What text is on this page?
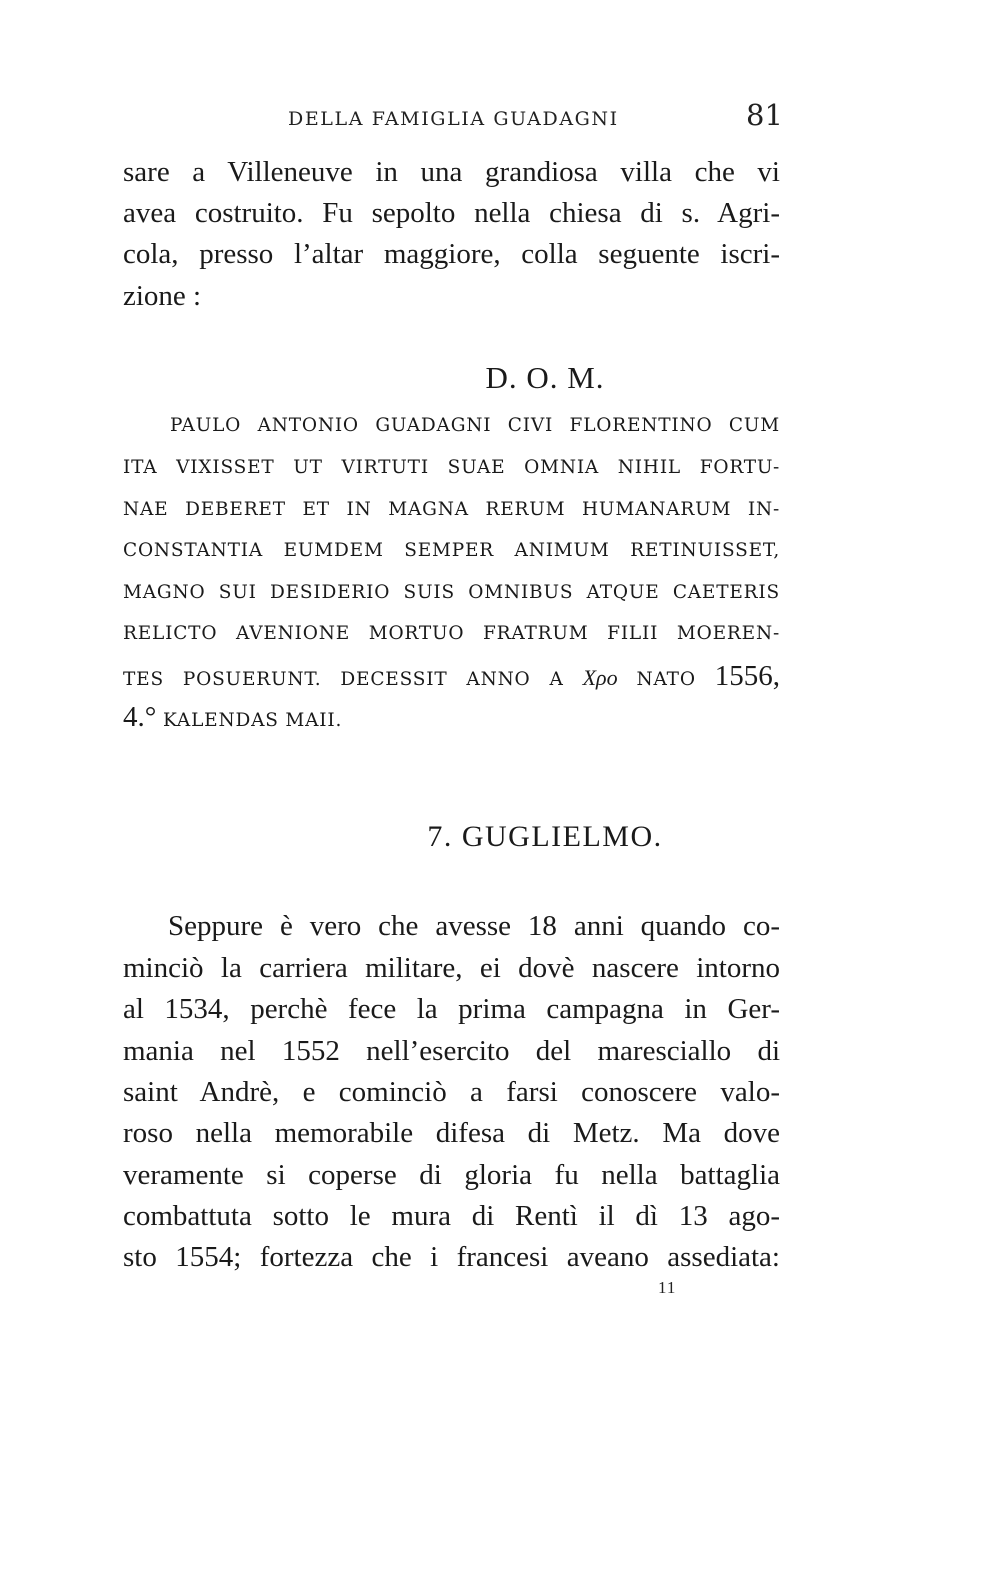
DELLA FAMIGLIA GUADAGNI	81
sare a Villeneuve in una grandiosa villa che vi
avea costruito. Fu sepolto nella chiesa di s. Agri-
cola, presso l’altar maggiore, colla seguente iscri-
zione :
D. O. M.
PAULO ANTONIO GUADAGNI CIVI FLORENTINO CUM
ITA VIXISSET UT VIRTUTI SUAE OMNIA NIHIL FORTU-
NAE DEBERET ET IN MAGNA RERUM HUMANARUM IN-
CONSTANTIA EUMDEM SEMPER ANIMUM RETINUISSET,
MAGNO SUI DESIDERIO SUIS OMNIBUS ATQUE CAETERIS
RELICTO AVENIONE MORTUO FRATRUM FILII MOEREN-
TES POSUERUNT. DECESSIT ANNO A Xρo NATO 1556,
4.° KALENDAS MAII.
7. GUGLIELMO.
Seppure è vero che avesse 18 anni quando co-
minciò la carriera militare, ei dovè nascere intorno
al 1534, perchè fece la prima campagna in Ger-
mania nel 1552 nell’esercito del maresciallo di
saint Andrè, e cominciò a farsi conoscere valo-
roso nella memorabile difesa di Metz. Ma dove
veramente si coperse di gloria fu nella battaglia
combattuta sotto le mura di Rentì il dì 13 ago-
sto 1554; fortezza che i francesi aveano assediata:
11
